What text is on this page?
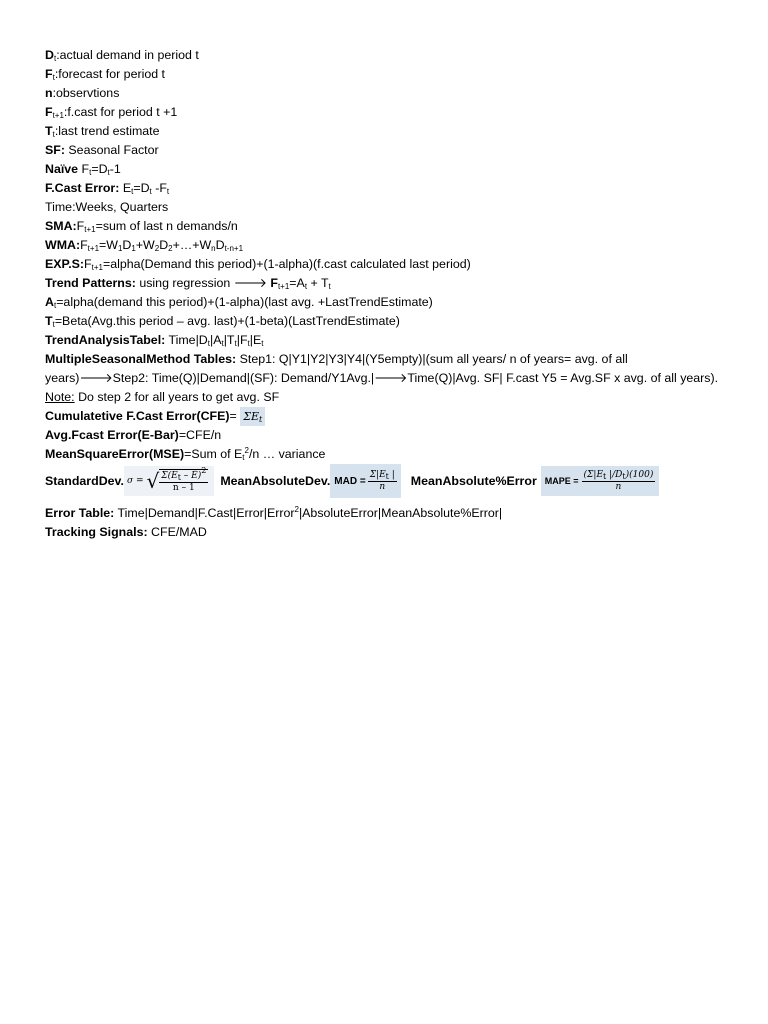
$D_t:actual$ demand in period t
$F_t:forecast$ for period t
n:observtions
$F_{t+1}:f.cast$ for period t +1
$T_t:last$ trend estimate
SF: Seasonal Factor
Naïve $F_t=D_t-1$
F.Cast Error: $E_t=D_t$ $-F_t$
Time:Weeks, Quarters
$SMA:F_{t+1}=sum$ of last n demands/n
$WMA:F_{t+1}=W_1D_1+W_2D_2+\dots+W_nD_{t-n+1}$
$EXP.S:F_{t+1}=alpha(Demand$ this period)+(1-alpha)(f.cast calculated last period)
Trend Patterns: using regression 🡒 $F_{t+1}=A_t + T_t$
$A_t=alpha(demand$ this period)+(1-alpha)(last avg. +LastTrendEstimate)
$T_t=Beta(Avg.this$ period – avg. last)+(1-beta)(LastTrendEstimate)
TrendAnalysisTabel: $Time|D_t|A_t|T_t|F_t|E_t$
MultipleSeasonalMethod Tables: Step1: Q|Y1|Y2|Y3|Y4|(Y5empty)|(sum all years/ n of years= avg. of all years)🡒Step2: Time(Q)|Demand|(SF): Demand/Y1Avg.|🡒Time(Q)|Avg. SF| F.cast Y5 = Avg.SF x avg. of all years). Note: Do step 2 for all years to get avg. SF
Cumulatetive F.Cast Error(CFE)= $\Sigma E_t$
Avg.Fcast Error(E-Bar)=CFE/n
MeanSquareError(MSE)=Sum of $E_t^2/n$ … variance
StandardDev. σ = √ $\frac{\Sigma(E_t - Ē)^2}{n - 1}$ MeanAbsoluteDev. MAD = $\frac{\Sigma|E_t |}{n}$ MeanAbsolute%Error MAPE = $\frac{(\Sigma|E_t |/D_t)(100)}{n}$
Error Table: Time|Demand|F.Cast|Error|Error$^2$|AbsoluteError|MeanAbsolute%Error|
Tracking Signals: CFE/MAD
